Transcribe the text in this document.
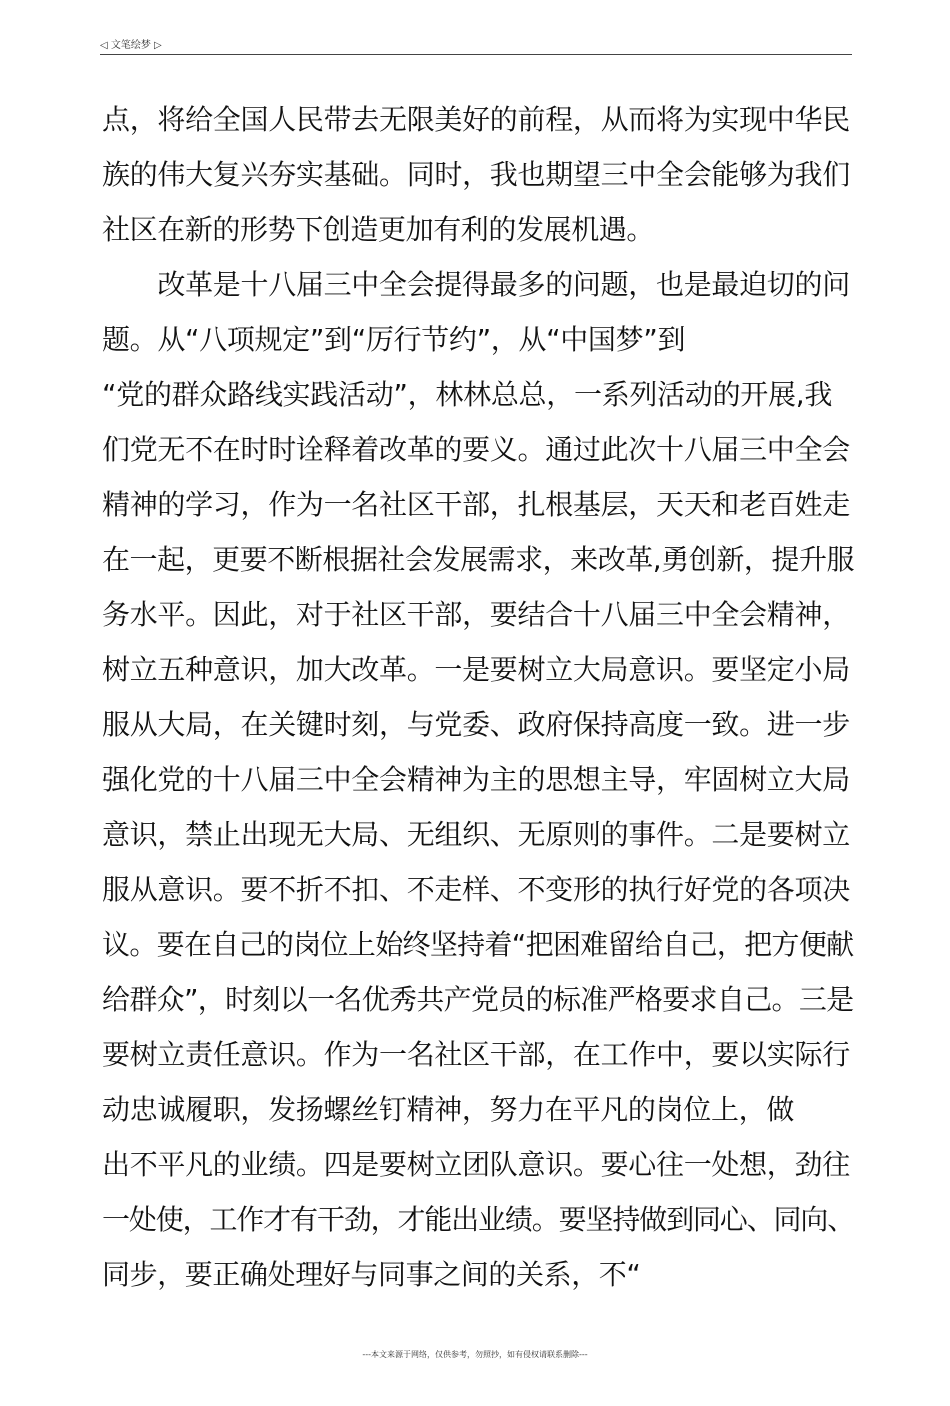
◁ 文笔绘梦 ▷
点，将给全国人民带去无限美好的前程，从而将为实现中华民
族的伟大复兴夯实基础。同时，我也期望三中全会能够为我们
社区在新的形势下创造更加有利的发展机遇。
　　改革是十八届三中全会提得最多的问题，也是最迫切的问
题。从“八项规定”到“厉行节约”，从“中国梦”到
“党的群众路线实践活动”，林林总总，一系列活动的开展,我
们党无不在时时诠释着改革的要义。通过此次十八届三中全会
精神的学习，作为一名社区干部，扎根基层，天天和老百姓走
在一起，更要不断根据社会发展需求，来改革,勇创新，提升服
务水平。因此，对于社区干部，要结合十八届三中全会精神，
树立五种意识，加大改革。一是要树立大局意识。要坚定小局
服从大局，在关键时刻，与党委、政府保持高度一致。进一步
强化党的十八届三中全会精神为主的思想主导，牢固树立大局
意识，禁止出现无大局、无组织、无原则的事件。二是要树立
服从意识。要不折不扣、不走样、不变形的执行好党的各项决
议。要在自己的岗位上始终坚持着“把困难留给自己，把方便献
给群众”，时刻以一名优秀共产党员的标准严格要求自己。三是
要树立责任意识。作为一名社区干部，在工作中，要以实际行
动忠诚履职，发扬螺丝钉精神，努力在平凡的岗位上，做
出不平凡的业绩。四是要树立团队意识。要心往一处想，劲往
一处使，工作才有干劲，才能出业绩。要坚持做到同心、同向、
同步，要正确处理好与同事之间的关系，不“
---本文来源于网络，仅供参考，勿照抄，如有侵权请联系删除---
